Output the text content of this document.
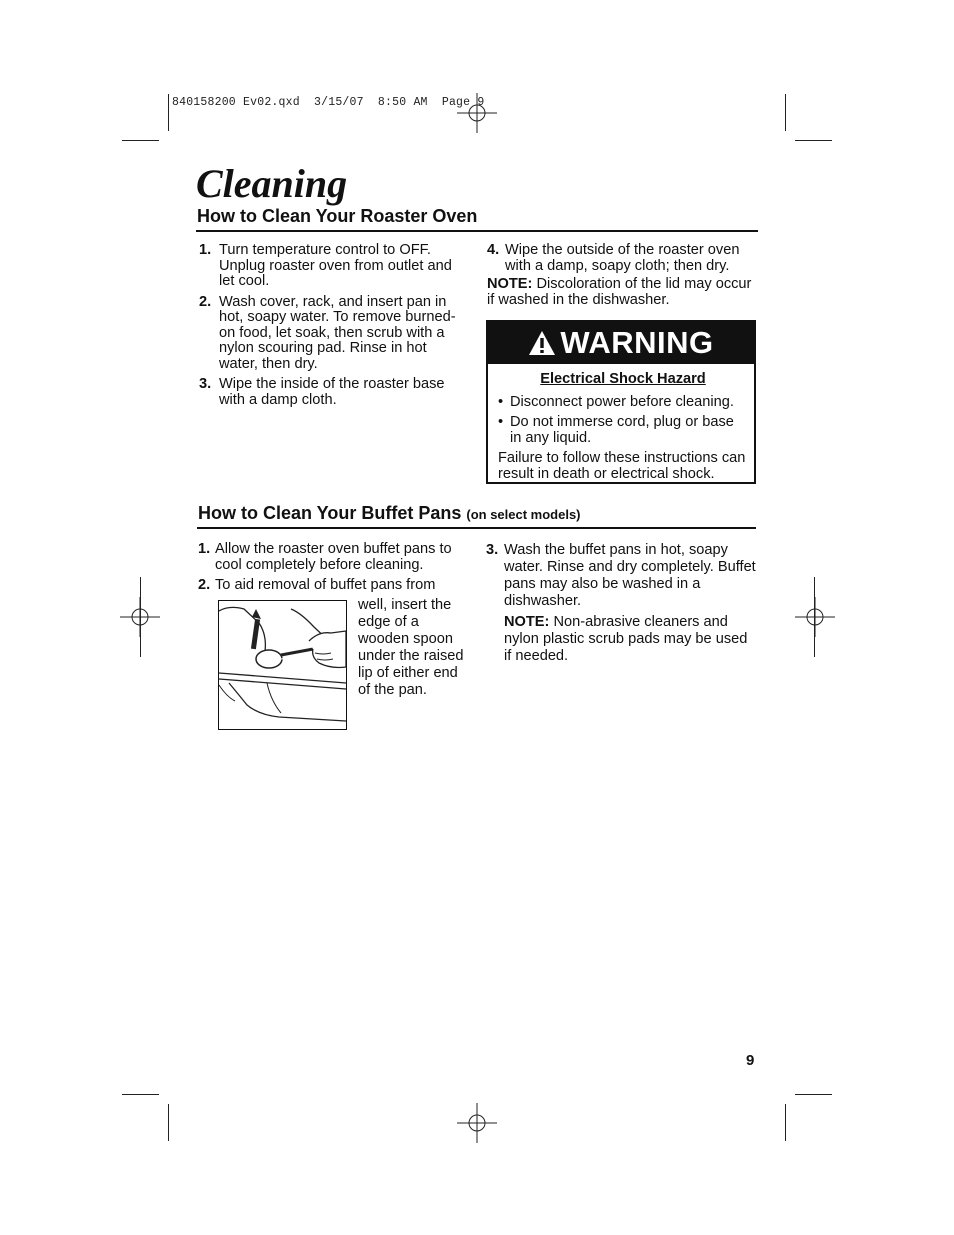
840158200 Ev02.qxd  3/15/07  8:50 AM  Page 9
Cleaning
How to Clean Your Roaster Oven
1. Turn temperature control to OFF. Unplug roaster oven from outlet and let cool.
2. Wash cover, rack, and insert pan in hot, soapy water. To remove burned-on food, let soak, then scrub with a nylon scouring pad. Rinse in hot water, then dry.
3. Wipe the inside of the roaster base with a damp cloth.
4. Wipe the outside of the roaster oven with a damp, soapy cloth; then dry.
NOTE: Discoloration of the lid may occur if washed in the dishwasher.
WARNING
Electrical Shock Hazard
• Disconnect power before cleaning.
• Do not immerse cord, plug or base in any liquid.
Failure to follow these instructions can result in death or electrical shock.
How to Clean Your Buffet Pans (on select models)
1. Allow the roaster oven buffet pans to cool completely before cleaning.
2. To aid removal of buffet pans from
well, insert the edge of a wooden spoon under the raised lip of either end of the pan.
3. Wash the buffet pans in hot, soapy water. Rinse and dry completely. Buffet pans may also be washed in a dishwasher.
NOTE: Non-abrasive cleaners and nylon plastic scrub pads may be used if needed.
9
